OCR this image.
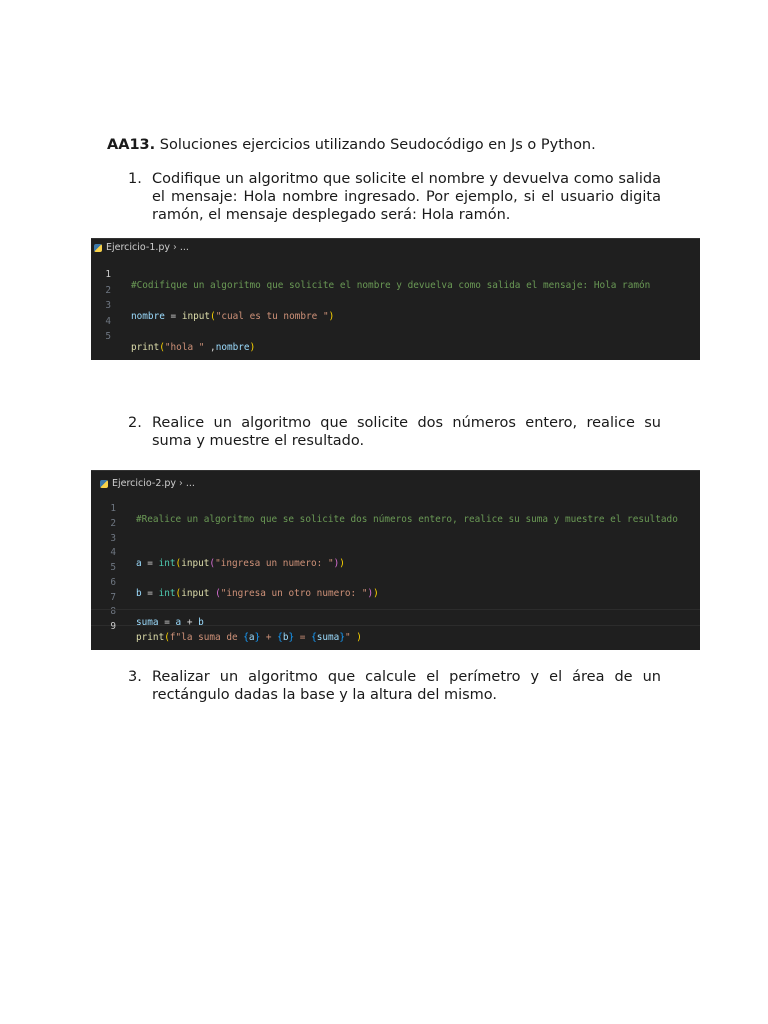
AA13. Soluciones ejercicios utilizando Seudocódigo en Js o Python.
1. Codifique un algoritmo que solicite el nombre y devuelva como salida el mensaje: Hola nombre ingresado. Por ejemplo, si el usuario digita ramón, el mensaje desplegado será: Hola ramón.
Ejercicio-1.py › ...

1

#Codifique un algoritmo que solicite el nombre y devuelva como salida el mensaje: Hola ramón

2

3

nombre = input("cual es tu nombre ")

4

5

print("hola " ,nombre)

2. Realice un algoritmo que solicite dos números entero, realice su suma y muestre el resultado.
Ejercicio-2.py › ...

1

#Realice un algoritmo que se solicite dos números entero, realice su suma y muestre el resultado

2

3

4

a = int(input("ingresa un numero: "))

5

6

b = int(input ("ingresa un otro numero: "))

7

8

suma = a + b

9

print(f"la suma de {a} + {b} = {suma}" )

3. Realizar un algoritmo que calcule el perímetro y el área de un rectángulo dadas la base y la altura del mismo.
